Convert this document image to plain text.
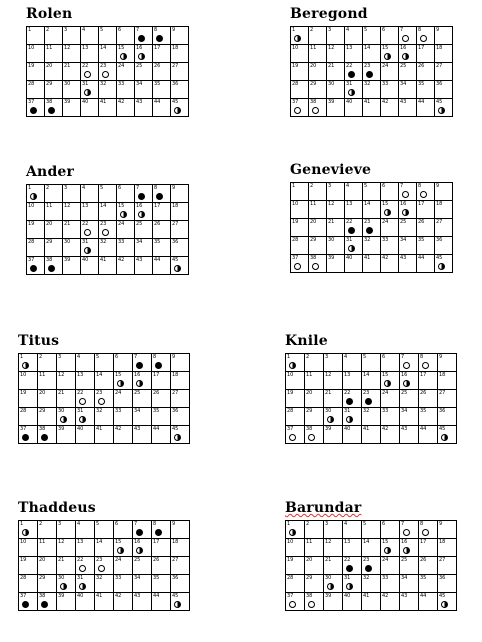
Rolen
1	2	3	4	5	6	7	8	9
10 11 12 13 14 15 16 17 18
19 20 21 22 23 24 25 26 27
28 29 30 31 32 33 34 35 36
37 38 39 40 41 42 43 44 45
Beregond
1	2	3	4	5	6	7	8	9
10 11 12 13 14 15 16 17 18
19 20 21 22 23 24 25 26 27
28 29 30 31 32 33 34 35 36
37 38 39 40 41 42 43 44 45
Ander
1	2	3	4	5	6	7	8	9
10 11 12 13 14 15 16 17 18
19 20 21 22 23 24 25 26 27
28 29 30 31 32 33 34 35 36
37 38 39 40 41 42 43 44 45
Genevieve
1	2	3	4	5	6	7	8	9
10 11 12 13 14 15 16 17 18
19 20 21 22 23 24 25 26 27
28 29 30 31 32 33 34 35 36
37 38 39 40 41 42 43 44 45
Titus
1	2	3	4	5	6	7	8	9
10	11	12	13	14	15	16	17	18
19	20	21	22	23	24	25	26	27
28	29	30	31	32	33	34	35	36
37	38	39	40	41	42	43	44	45
Knile
1	2	3	4	5	6	7	8	9
10	11	12	13	14	15	16	17	18
19	20	21	22	23	24	25	26	27
28	29	30	31	32	33	34	35	36
37	38	39	40	41	42	43	44	45
Thaddeus
1	2	3	4	5	6	7	8	9
10	11	12	13	14	15	16	17	18
19	20	21	22	23	24	25	26	27
28	29	30	31	32	33	34	35	36
37	38	39	40	41	42	43	44	45
Barundar
1	2	3	4	5	6	7	8	9
10	11	12	13	14	15	16	17	18
19	20	21	22	23	24	25	26	27
28	29	30	31	32	33	34	35	36
37	38	39	40	41	42	43	44	45
